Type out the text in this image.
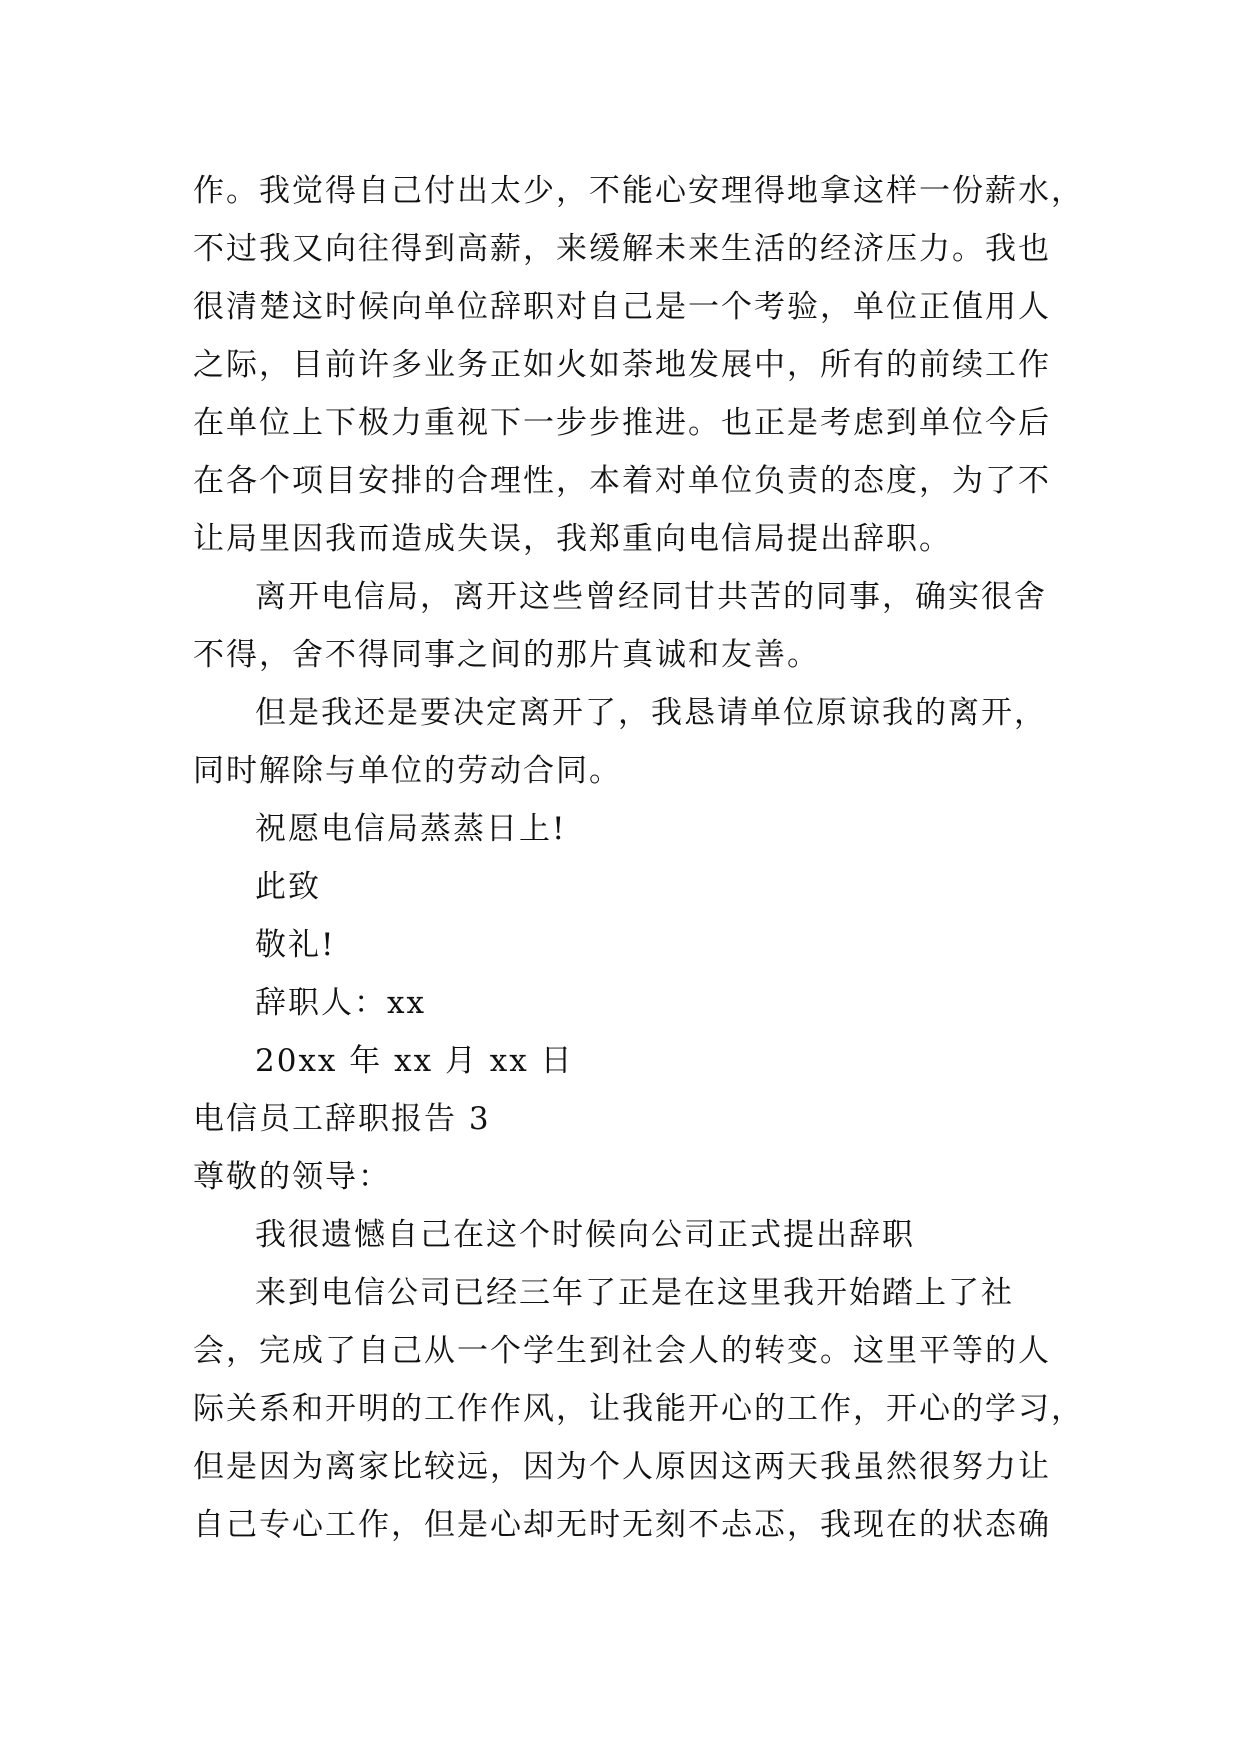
作。我觉得自己付出太少，不能心安理得地拿这样一份薪水，
不过我又向往得到高薪，来缓解未来生活的经济压力。我也
很清楚这时候向单位辞职对自己是一个考验，单位正值用人
之际，目前许多业务正如火如荼地发展中，所有的前续工作
在单位上下极力重视下一步步推进。也正是考虑到单位今后
在各个项目安排的合理性，本着对单位负责的态度，为了不
让局里因我而造成失误，我郑重向电信局提出辞职。
离开电信局，离开这些曾经同甘共苦的同事，确实很舍
不得，舍不得同事之间的那片真诚和友善。
但是我还是要决定离开了，我恳请单位原谅我的离开，
同时解除与单位的劳动合同。
祝愿电信局蒸蒸日上!
此致
敬礼!
辞职人：xx
20xx 年 xx 月 xx 日
电信员工辞职报告 3
尊敬的领导：
我很遗憾自己在这个时候向公司正式提出辞职
来到电信公司已经三年了正是在这里我开始踏上了社
会，完成了自己从一个学生到社会人的转变。这里平等的人
际关系和开明的工作作风，让我能开心的工作，开心的学习，
但是因为离家比较远，因为个人原因这两天我虽然很努力让
自己专心工作，但是心却无时无刻不忐忑，我现在的状态确
